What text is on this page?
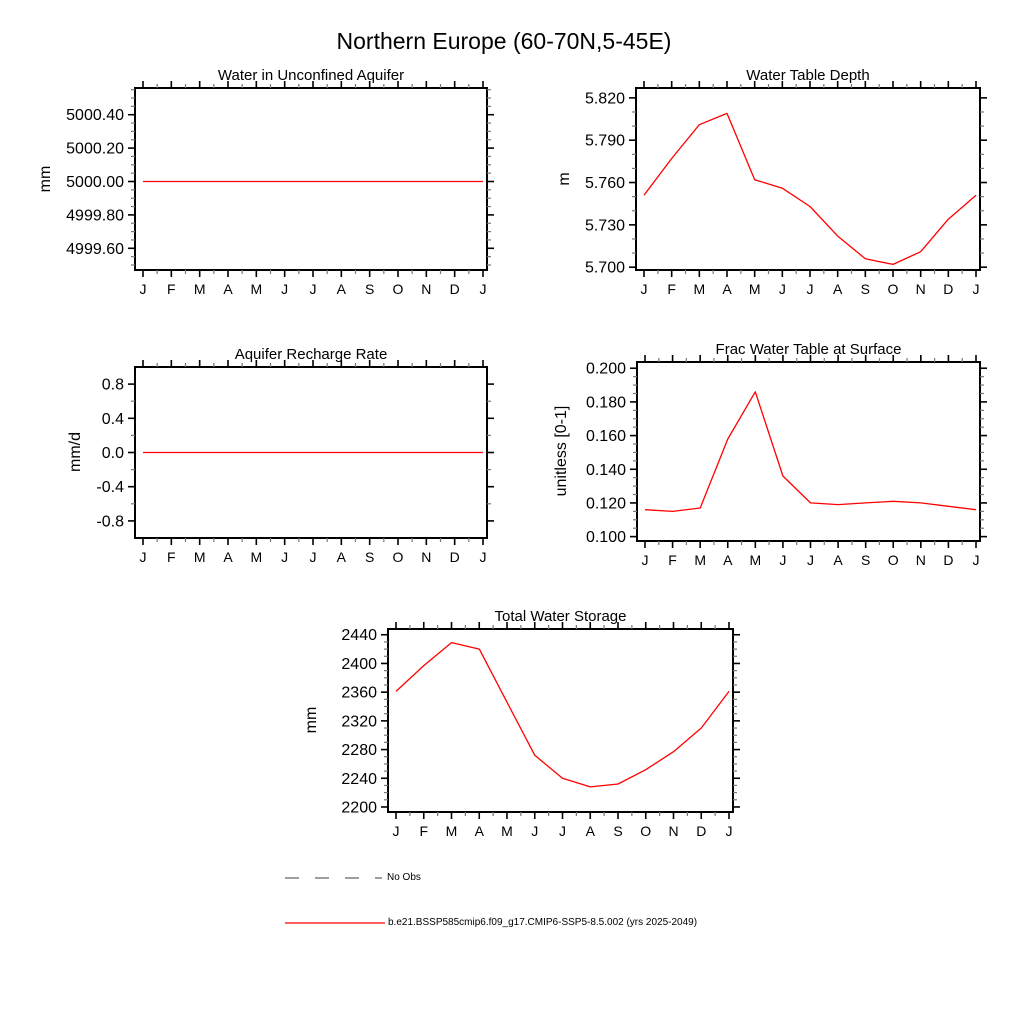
4999.60
4999.80
5000.00
5000.20
5000.40
J F M A M J J A S O N D J
5.700
5.730
5.760
5.790
5.820
J F M A M J J A S O N D J
-0.8
-0.4
0.0
0.4
0.8
J F M A M J J A S O N D J
0.100
0.120
0.140
0.160
0.180
0.200
J F M A M J J A S O N D J
2200
2240
2280
2320
2360
2400
2440
J F M A M J J A S O N D J
Northern Europe (60-70N,5-45E)
Water in Unconfined Aquifer	Water Table Depth
Aquifer Recharge Rate	Frac Water Table at Surface
Total Water Storage
mm	m
mm/d	unitless [0-1]
mm
No Obs
b.e21.BSSP585cmip6.f09_g17.CMIP6-SSP5-8.5.002 (yrs 2025-2049)
